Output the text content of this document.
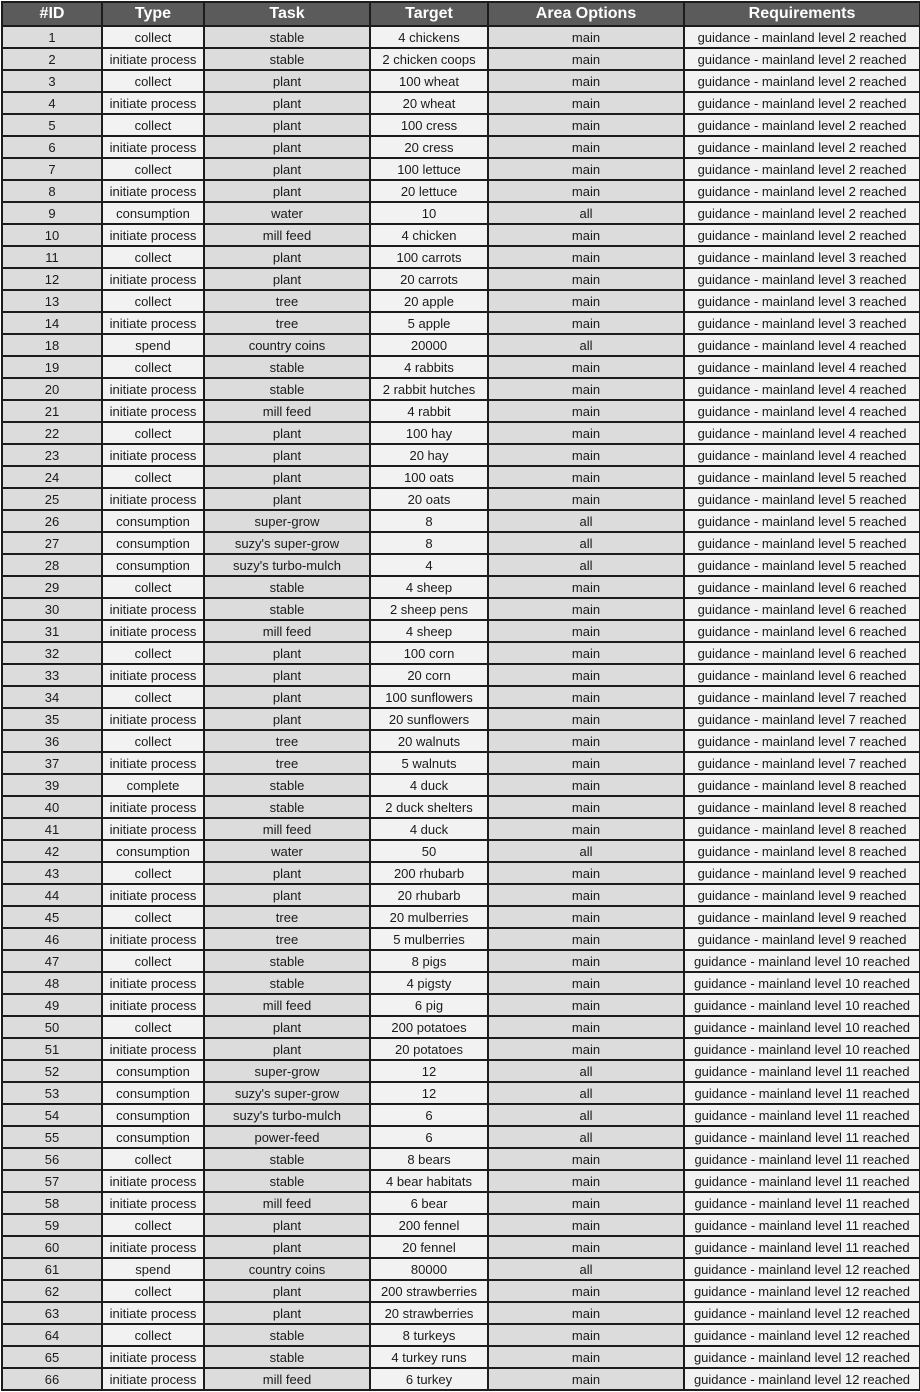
#ID	Type	Task	Target	Area Options	Requirements
1	collect	stable	4 chickens	main	guidance - mainland level 2 reached
2	initiate process	stable	2 chicken coops	main	guidance - mainland level 2 reached
3	collect	plant	100 wheat	main	guidance - mainland level 2 reached
4	initiate process	plant	20 wheat	main	guidance - mainland level 2 reached
5	collect	plant	100 cress	main	guidance - mainland level 2 reached
6	initiate process	plant	20 cress	main	guidance - mainland level 2 reached
7	collect	plant	100 lettuce	main	guidance - mainland level 2 reached
8	initiate process	plant	20 lettuce	main	guidance - mainland level 2 reached
9	consumption	water	10	all	guidance - mainland level 2 reached
10	initiate process	mill feed	4 chicken	main	guidance - mainland level 2 reached
11	collect	plant	100 carrots	main	guidance - mainland level 3 reached
12	initiate process	plant	20 carrots	main	guidance - mainland level 3 reached
13	collect	tree	20 apple	main	guidance - mainland level 3 reached
14	initiate process	tree	5 apple	main	guidance - mainland level 3 reached
18	spend	country coins	20000	all	guidance - mainland level 4 reached
19	collect	stable	4 rabbits	main	guidance - mainland level 4 reached
20	initiate process	stable	2 rabbit hutches	main	guidance - mainland level 4 reached
21	initiate process	mill feed	4 rabbit	main	guidance - mainland level 4 reached
22	collect	plant	100 hay	main	guidance - mainland level 4 reached
23	initiate process	plant	20 hay	main	guidance - mainland level 4 reached
24	collect	plant	100 oats	main	guidance - mainland level 5 reached
25	initiate process	plant	20 oats	main	guidance - mainland level 5 reached
26	consumption	super-grow	8	all	guidance - mainland level 5 reached
27	consumption	suzy's super-grow	8	all	guidance - mainland level 5 reached
28	consumption	suzy's turbo-mulch	4	all	guidance - mainland level 5 reached
29	collect	stable	4 sheep	main	guidance - mainland level 6 reached
30	initiate process	stable	2 sheep pens	main	guidance - mainland level 6 reached
31	initiate process	mill feed	4 sheep	main	guidance - mainland level 6 reached
32	collect	plant	100 corn	main	guidance - mainland level 6 reached
33	initiate process	plant	20 corn	main	guidance - mainland level 6 reached
34	collect	plant	100 sunflowers	main	guidance - mainland level 7 reached
35	initiate process	plant	20 sunflowers	main	guidance - mainland level 7 reached
36	collect	tree	20 walnuts	main	guidance - mainland level 7 reached
37	initiate process	tree	5 walnuts	main	guidance - mainland level 7 reached
39	complete	stable	4 duck	main	guidance - mainland level 8 reached
40	initiate process	stable	2 duck shelters	main	guidance - mainland level 8 reached
41	initiate process	mill feed	4 duck	main	guidance - mainland level 8 reached
42	consumption	water	50	all	guidance - mainland level 8 reached
43	collect	plant	200 rhubarb	main	guidance - mainland level 9 reached
44	initiate process	plant	20 rhubarb	main	guidance - mainland level 9 reached
45	collect	tree	20 mulberries	main	guidance - mainland level 9 reached
46	initiate process	tree	5 mulberries	main	guidance - mainland level 9 reached
47	collect	stable	8 pigs	main	guidance - mainland level 10 reached
48	initiate process	stable	4 pigsty	main	guidance - mainland level 10 reached
49	initiate process	mill feed	6 pig	main	guidance - mainland level 10 reached
50	collect	plant	200 potatoes	main	guidance - mainland level 10 reached
51	initiate process	plant	20 potatoes	main	guidance - mainland level 10 reached
52	consumption	super-grow	12	all	guidance - mainland level 11 reached
53	consumption	suzy's super-grow	12	all	guidance - mainland level 11 reached
54	consumption	suzy's turbo-mulch	6	all	guidance - mainland level 11 reached
55	consumption	power-feed	6	all	guidance - mainland level 11 reached
56	collect	stable	8 bears	main	guidance - mainland level 11 reached
57	initiate process	stable	4 bear habitats	main	guidance - mainland level 11 reached
58	initiate process	mill feed	6 bear	main	guidance - mainland level 11 reached
59	collect	plant	200 fennel	main	guidance - mainland level 11 reached
60	initiate process	plant	20 fennel	main	guidance - mainland level 11 reached
61	spend	country coins	80000	all	guidance - mainland level 12 reached
62	collect	plant	200 strawberries	main	guidance - mainland level 12 reached
63	initiate process	plant	20 strawberries	main	guidance - mainland level 12 reached
64	collect	stable	8 turkeys	main	guidance - mainland level 12 reached
65	initiate process	stable	4 turkey runs	main	guidance - mainland level 12 reached
66	initiate process	mill feed	6 turkey	main	guidance - mainland level 12 reached
